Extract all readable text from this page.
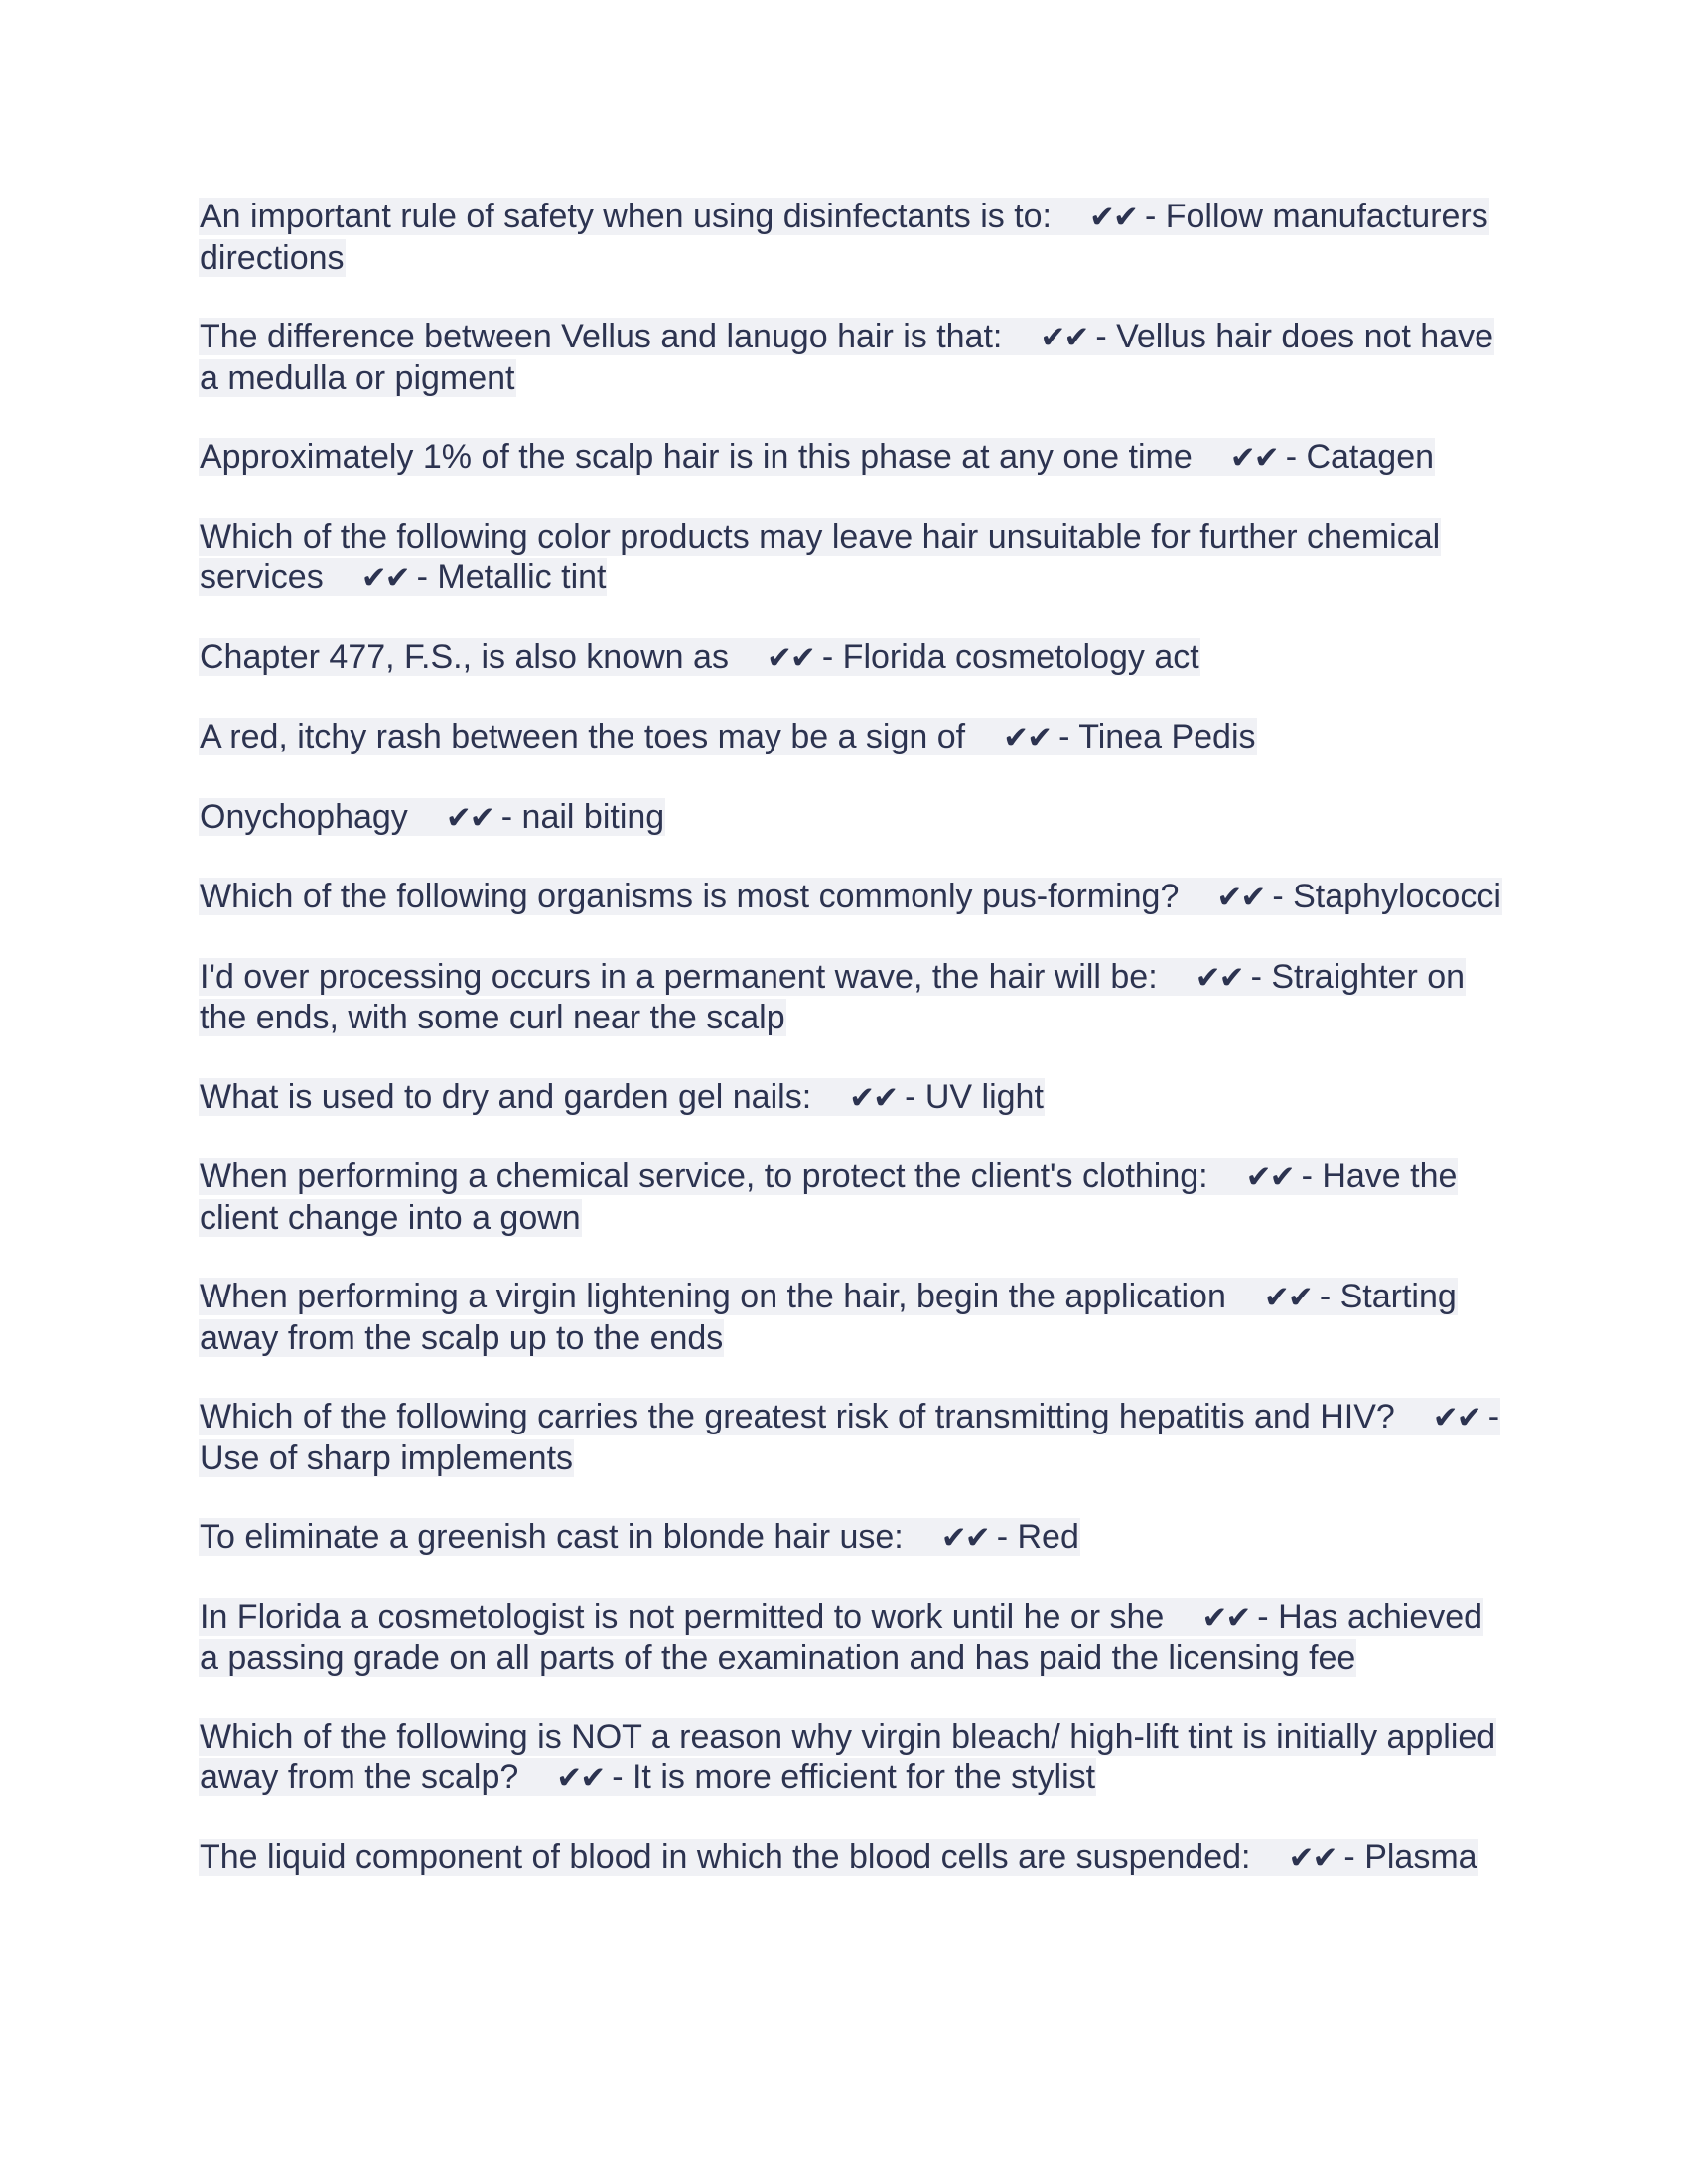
An important rule of safety when using disinfectants is to: ✔✔ - Follow manufacturers directions

The difference between Vellus and lanugo hair is that: ✔✔ - Vellus hair does not have a medulla or pigment

Approximately 1% of the scalp hair is in this phase at any one time ✔✔ - Catagen

Which of the following color products may leave hair unsuitable for further chemical services ✔✔ - Metallic tint

Chapter 477, F.S., is also known as ✔✔ - Florida cosmetology act

A red, itchy rash between the toes may be a sign of ✔✔ - Tinea Pedis

Onychophagy ✔✔ - nail biting

Which of the following organisms is most commonly pus-forming? ✔✔ - Staphylococci

I'd over processing occurs in a permanent wave, the hair will be: ✔✔ - Straighter on the ends, with some curl near the scalp

What is used to dry and garden gel nails: ✔✔ - UV light

When performing a chemical service, to protect the client's clothing: ✔✔ - Have the client change into a gown

When performing a virgin lightening on the hair, begin the application ✔✔ - Starting away from the scalp up to the ends

Which of the following carries the greatest risk of transmitting hepatitis and HIV? ✔✔ - Use of sharp implements

To eliminate a greenish cast in blonde hair use: ✔✔ - Red

In Florida a cosmetologist is not permitted to work until he or she ✔✔ - Has achieved a passing grade on all parts of the examination and has paid the licensing fee

Which of the following is NOT a reason why virgin bleach/ high-lift tint is initially applied away from the scalp? ✔✔ - It is more efficient for the stylist

The liquid component of blood in which the blood cells are suspended: ✔✔ - Plasma
